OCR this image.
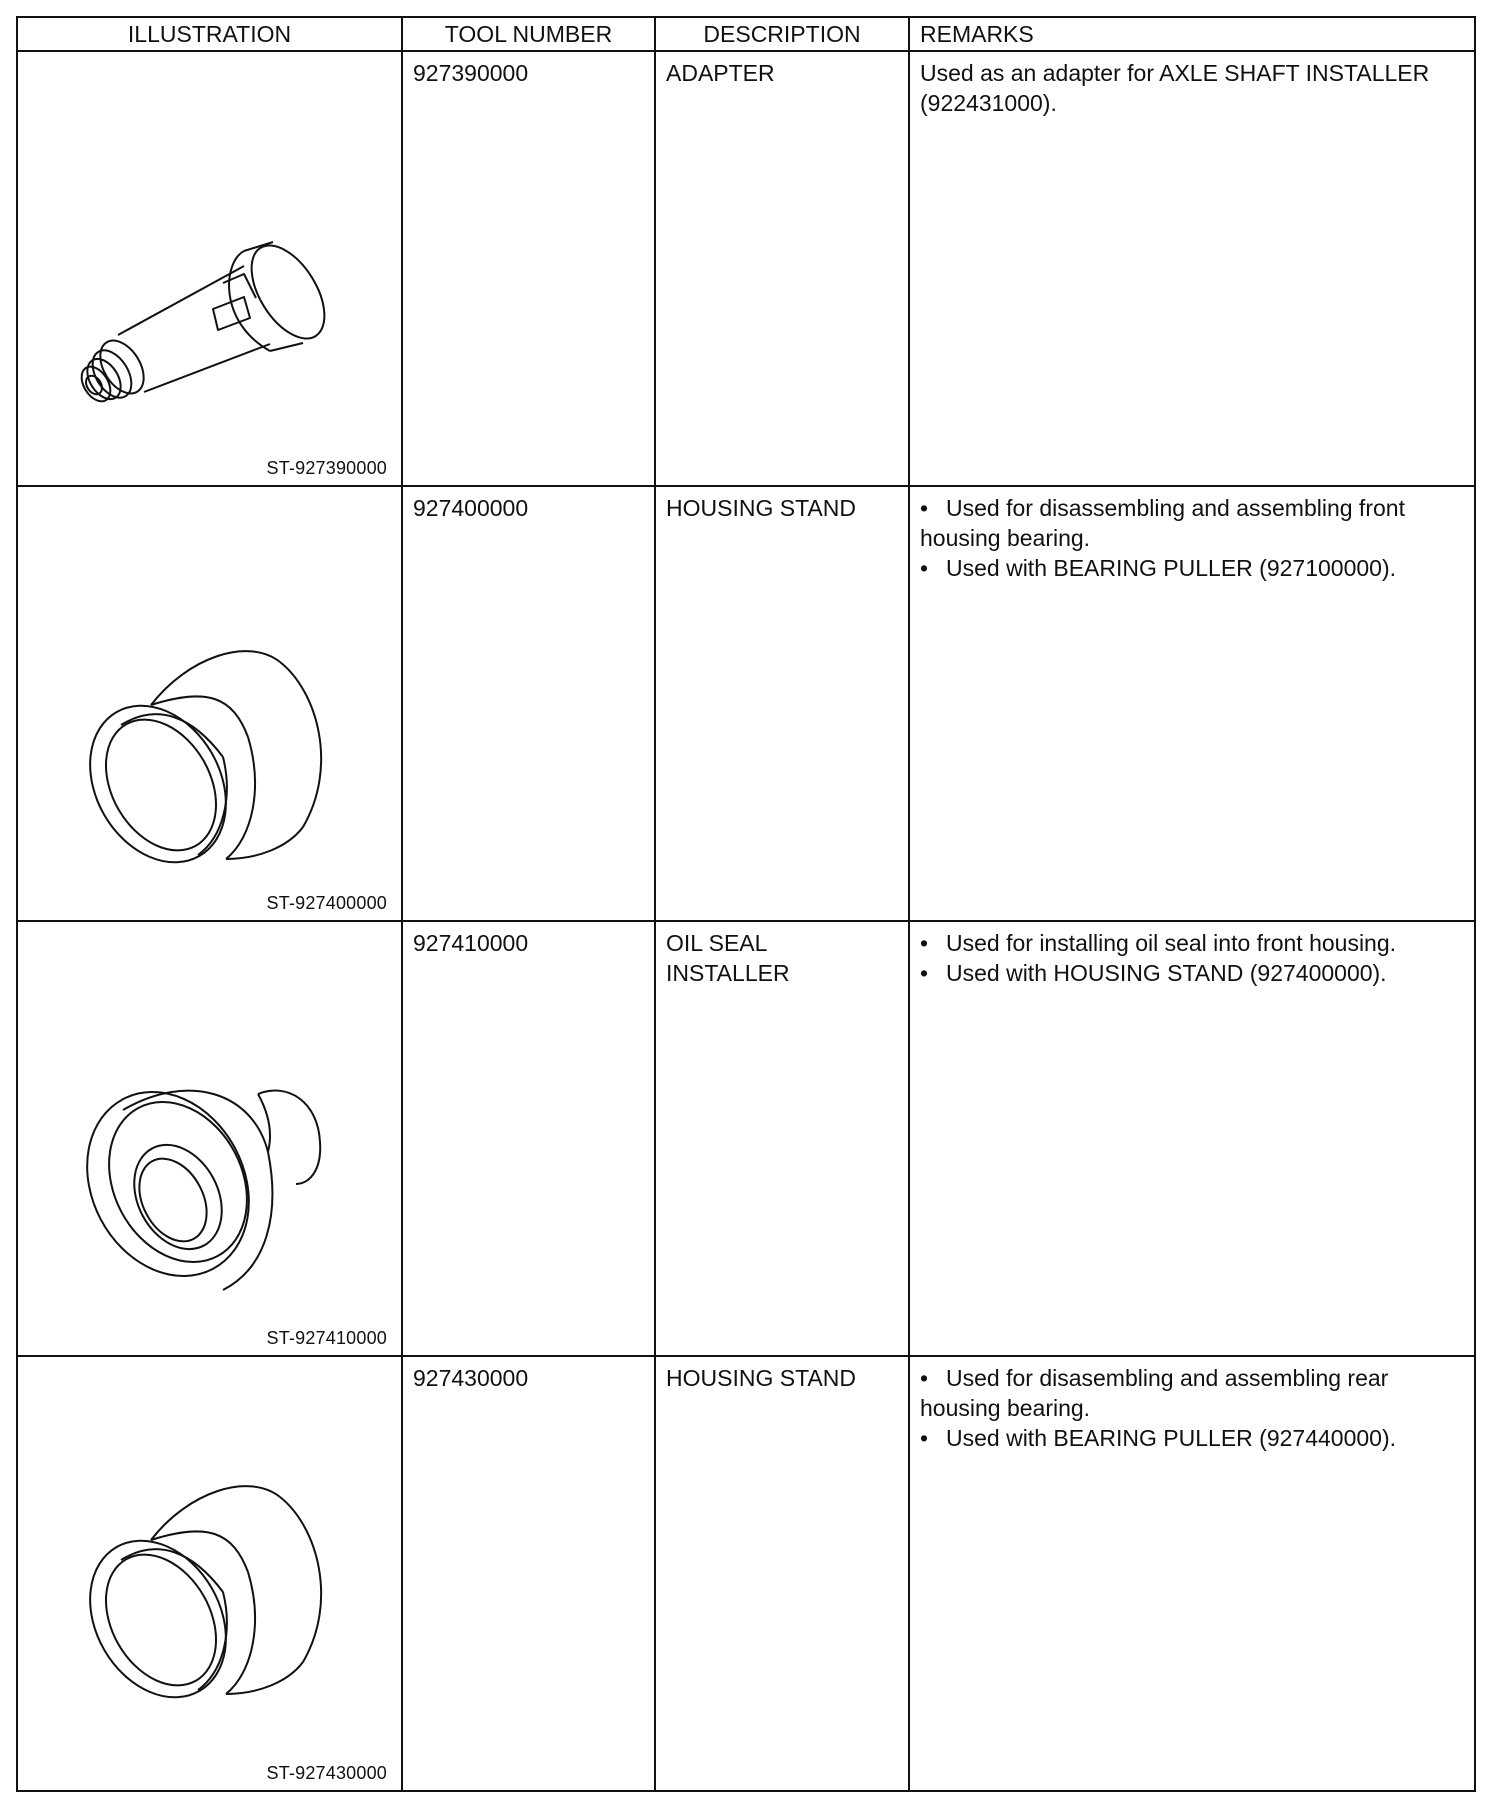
ILLUSTRATION	TOOL NUMBER	DESCRIPTION	REMARKS

ST-927390000	927390000	ADAPTER	Used as an adapter for AXLE SHAFT INSTALLER (922431000).

ST-927400000	927400000	HOUSING STAND	• Used for disassembling and assembling front housing bearing.

• Used with BEARING PULLER (927100000).

ST-927410000	927410000	OIL SEAL INSTALLER	• Used for installing oil seal into front housing.

• Used with HOUSING STAND (927400000).

ST-927430000	927430000	HOUSING STAND	• Used for disasembling and assembling rear housing bearing.

• Used with BEARING PULLER (927440000).
